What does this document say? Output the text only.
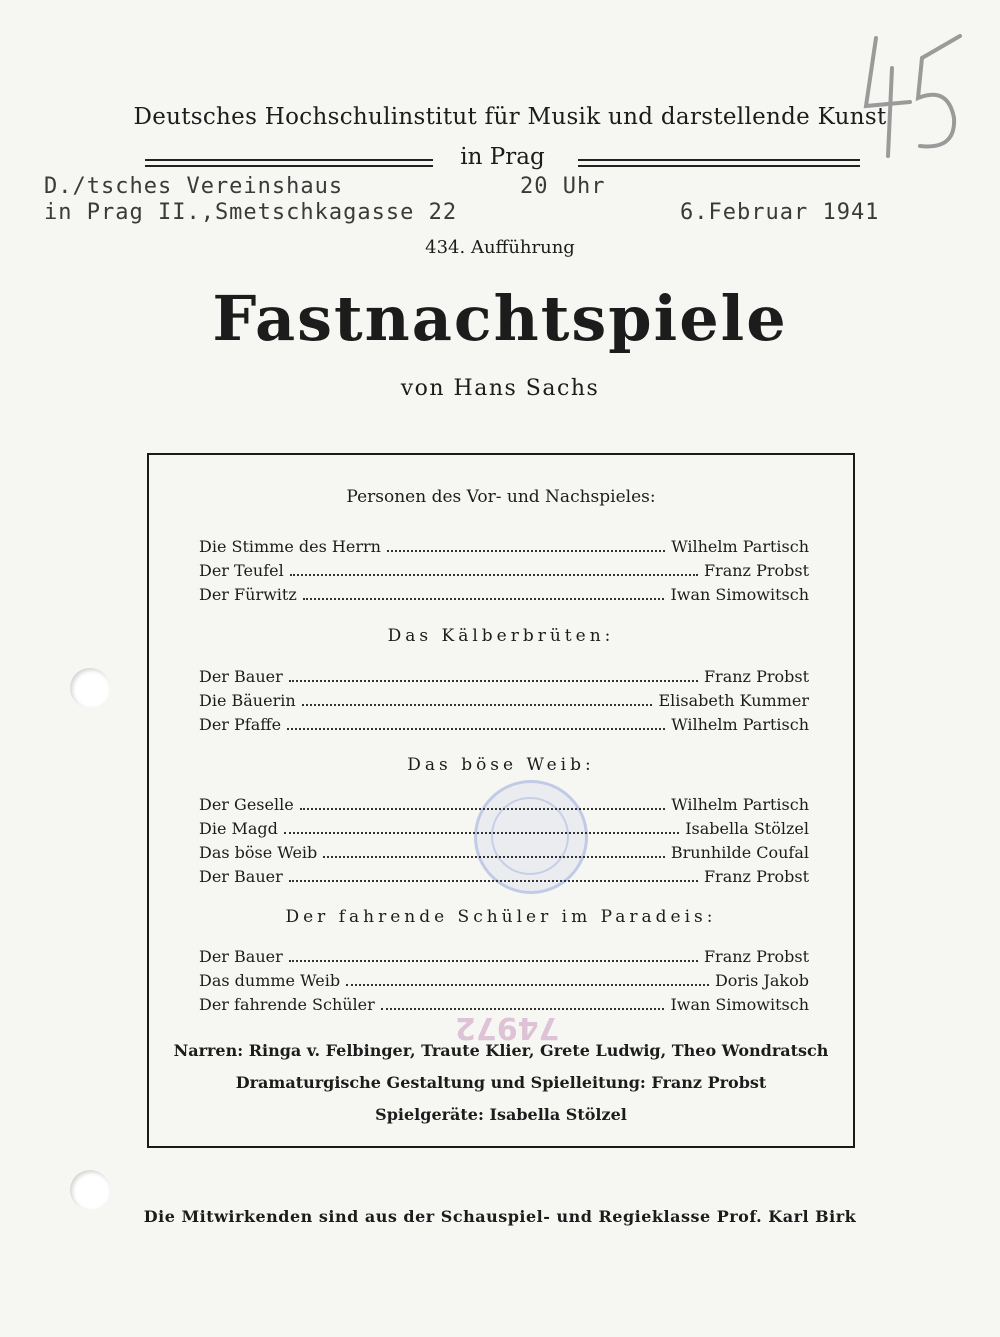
Deutsches Hochschulinstitut für Musik und darstellende Kunst
in Prag
D./tsches Vereinshaus
in Prag II.,Smetschkagasse 22
20 Uhr
6.Februar 1941
434. Aufführung
Fastnachtspiele
von Hans Sachs
74972
Personen des Vor- und Nachspieles:
Die Stimme des Herrn	Wilhelm Partisch
Der Teufel	Franz Probst
Der Fürwitz	Iwan Simowitsch
Das Kälberbrüten:
Der Bauer	Franz Probst
Die Bäuerin	Elisabeth Kummer
Der Pfaffe	Wilhelm Partisch
Das böse Weib:
Der Geselle	Wilhelm Partisch
Die Magd	Isabella Stölzel
Das böse Weib	Brunhilde Coufal
Der Bauer	Franz Probst
Der fahrende Schüler im Paradeis:
Der Bauer	Franz Probst
Das dumme Weib	Doris Jakob
Der fahrende Schüler	Iwan Simowitsch
Narren: Ringa v. Felbinger, Traute Klier, Grete Ludwig, Theo Wondratsch
Dramaturgische Gestaltung und Spielleitung: Franz Probst
Spielgeräte: Isabella Stölzel
Die Mitwirkenden sind aus der Schauspiel- und Regieklasse Prof. Karl Birk
